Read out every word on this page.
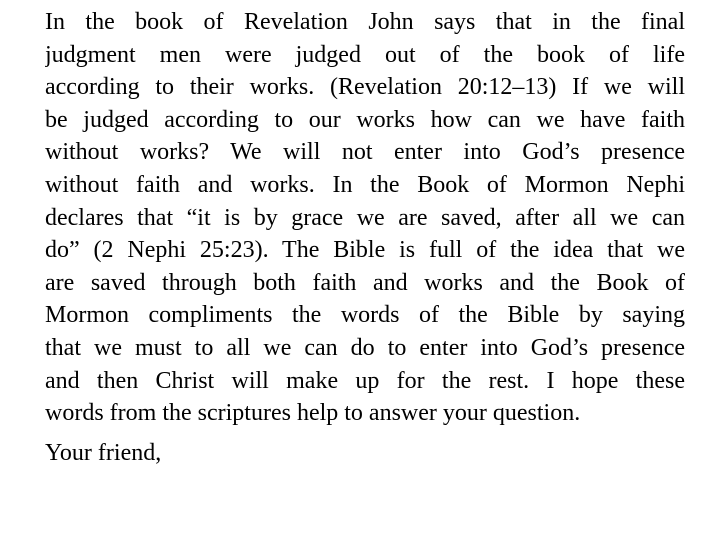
In the book of Revelation John says that in the final
judgment men were judged out of the book of life
according to their works. (Revelation 20:12–13) If we will
be judged according to our works how can we have faith
without works? We will not enter into God’s presence
without faith and works. In the Book of Mormon Nephi
declares that “it is by grace we are saved, after all we can
do” (2 Nephi 25:23). The Bible is full of the idea that we
are saved through both faith and works and the Book of
Mormon compliments the words of the Bible by saying
that we must to all we can do to enter into God’s presence
and then Christ will make up for the rest. I hope these
words from the scriptures help to answer your question.
Your friend,
